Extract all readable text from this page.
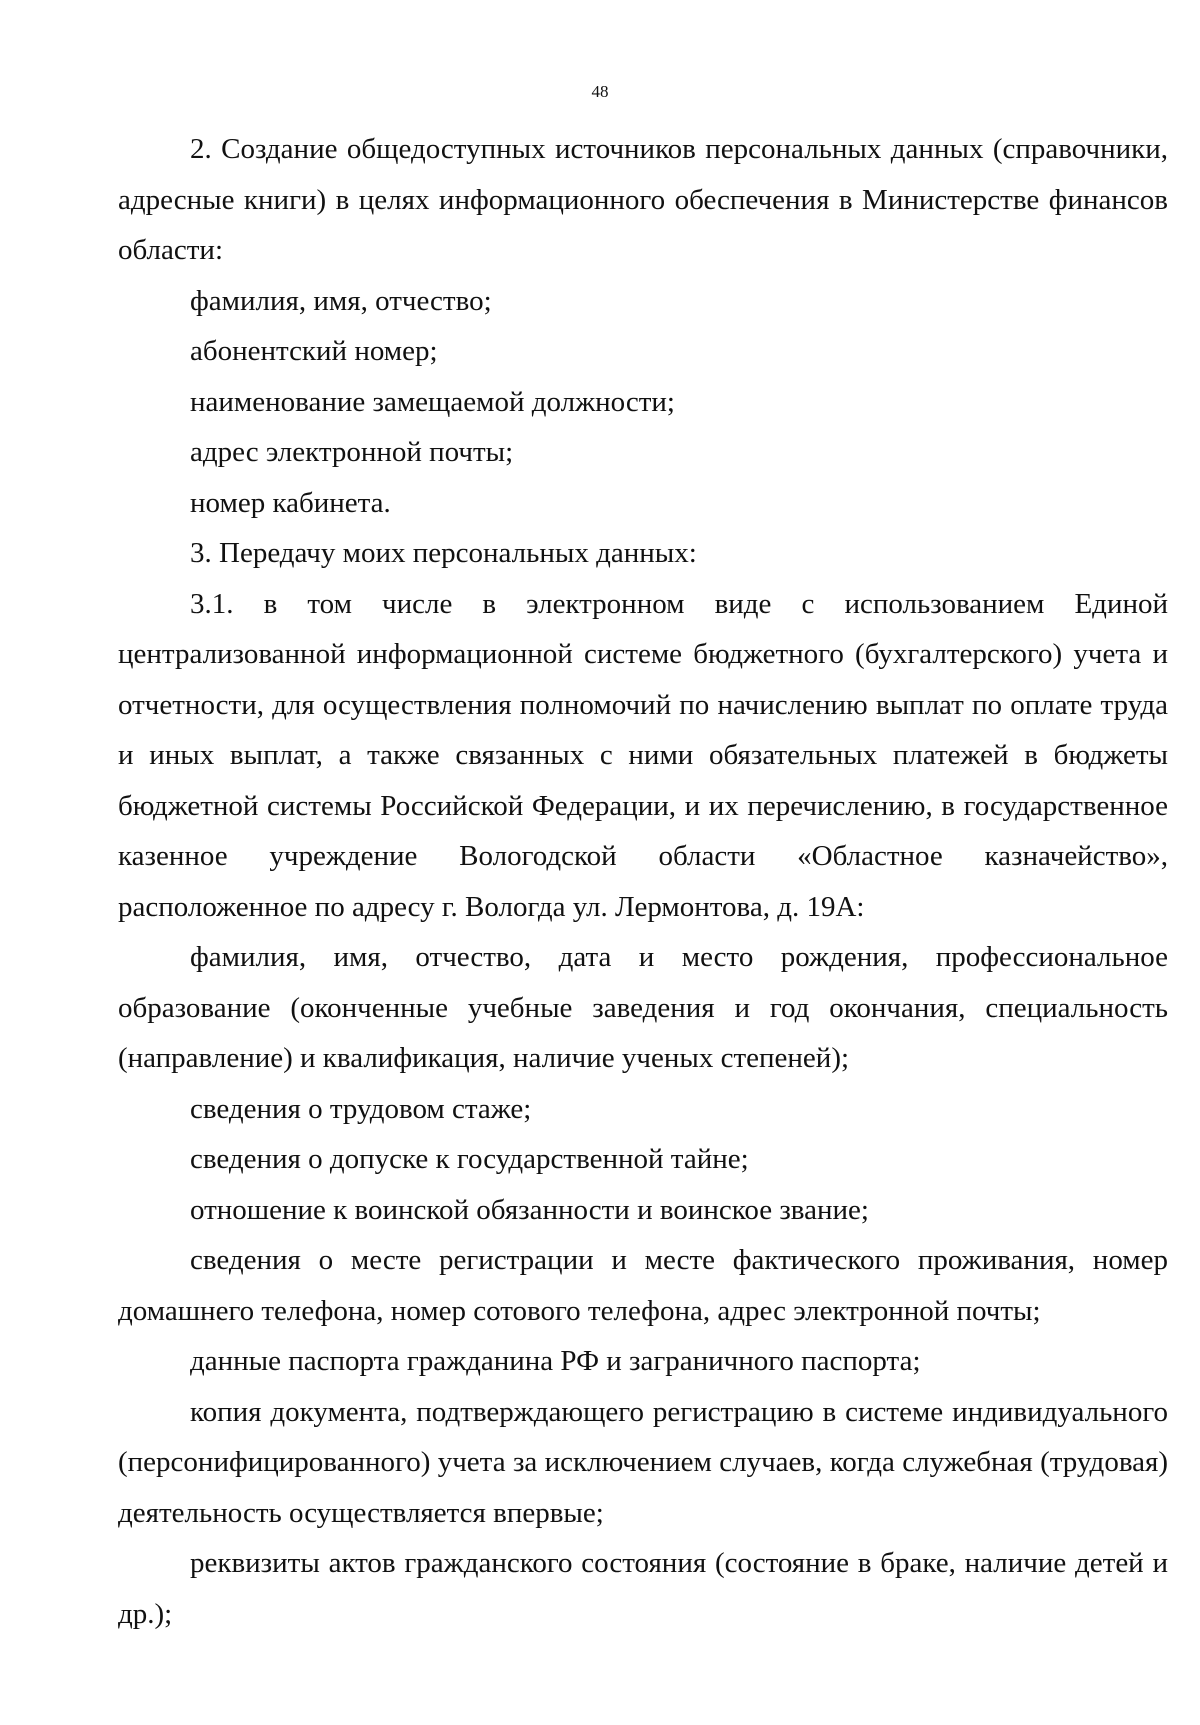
48

2. Создание общедоступных источников персональных данных (справочники, адресные книги) в целях информационного обеспечения в Министерстве финансов области:

фамилия, имя, отчество;

абонентский номер;

наименование замещаемой должности;

адрес электронной почты;

номер кабинета.

3. Передачу моих персональных данных:

3.1. в том числе в электронном виде с использованием Единой централизованной информационной системе бюджетного (бухгалтерского) учета и отчетности, для осуществления полномочий по начислению выплат по оплате труда и иных выплат, а также связанных с ними обязательных платежей в бюджеты бюджетной системы Российской Федерации, и их перечислению, в государственное казенное учреждение Вологодской области «Областное казначейство», расположенное по адресу г. Вологда ул. Лермонтова, д. 19А:

фамилия, имя, отчество, дата и место рождения, профессиональное образование (оконченные учебные заведения и год окончания, специальность (направление) и квалификация, наличие ученых степеней);

сведения о трудовом стаже;

сведения о допуске к государственной тайне;

отношение к воинской обязанности и воинское звание;

сведения о месте регистрации и месте фактического проживания, номер домашнего телефона, номер сотового телефона, адрес электронной почты;

данные паспорта гражданина РФ и заграничного паспорта;

копия документа, подтверждающего регистрацию в системе индивидуального (персонифицированного) учета за исключением случаев, когда служебная (трудовая) деятельность осуществляется впервые;

реквизиты актов гражданского состояния (состояние в браке, наличие детей и др.);
